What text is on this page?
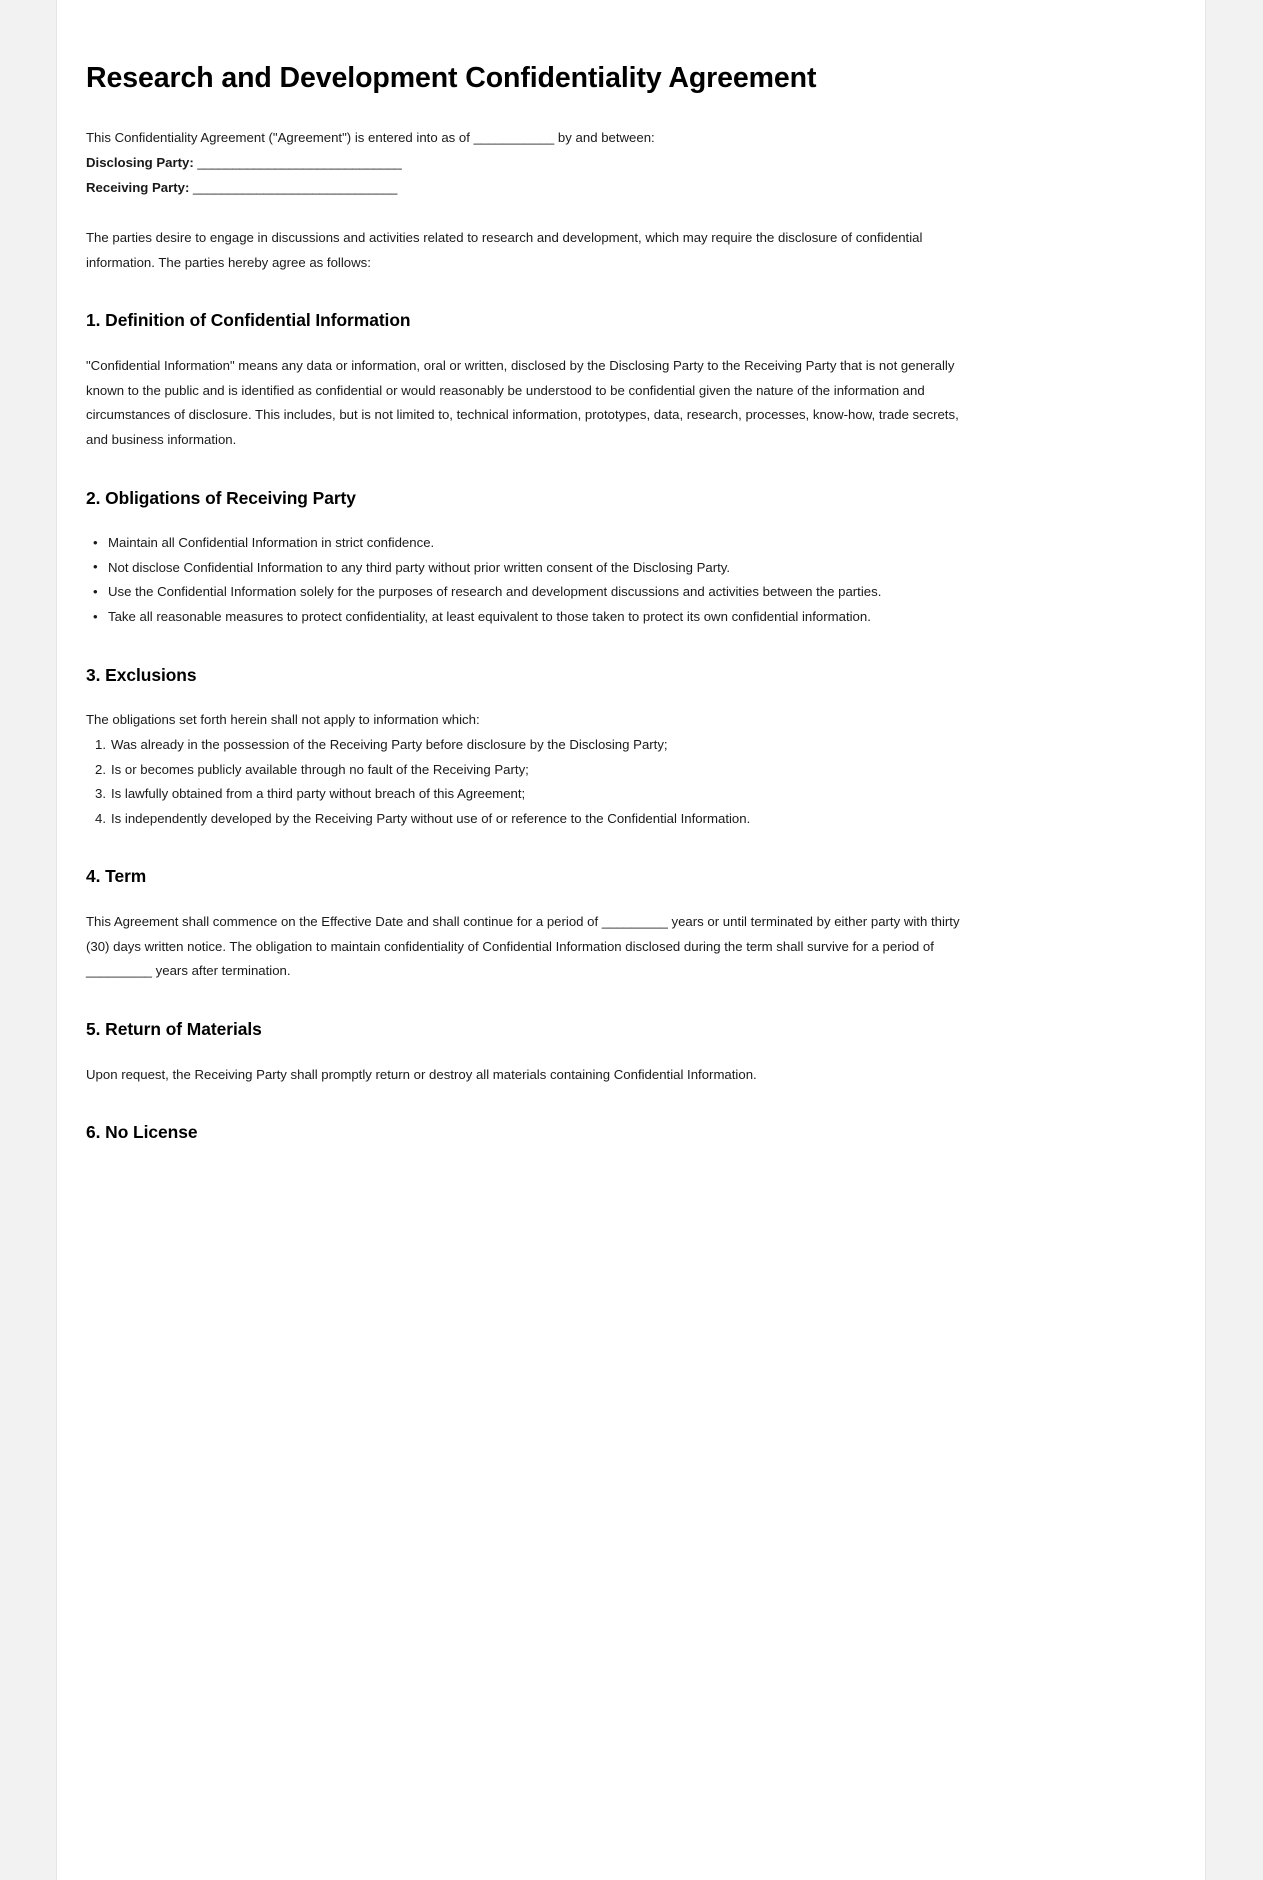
Research and Development Confidentiality Agreement

This Confidentiality Agreement ("Agreement") is entered into as of ___________ by and between:

Disclosing Party: _____________________________
Receiving Party: _____________________________

The parties desire to engage in discussions and activities related to research and development, which may require the disclosure of confidential information. The parties hereby agree as follows:

1. Definition of Confidential Information

"Confidential Information" means any data or information, oral or written, disclosed by the Disclosing Party to the Receiving Party that is not generally known to the public and is identified as confidential or would reasonably be understood to be confidential given the nature of the information and circumstances of disclosure. This includes, but is not limited to, technical information, prototypes, data, research, processes, know-how, trade secrets, and business information.

2. Obligations of Receiving Party
• Maintain all Confidential Information in strict confidence.
• Not disclose Confidential Information to any third party without prior written consent of the Disclosing Party.
• Use the Confidential Information solely for the purposes of research and development discussions and activities between the parties.
• Take all reasonable measures to protect confidentiality, at least equivalent to those taken to protect its own confidential information.
3. Exclusions

The obligations set forth herein shall not apply to information which:

1. Was already in the possession of the Receiving Party before disclosure by the Disclosing Party;
2. Is or becomes publicly available through no fault of the Receiving Party;
3. Is lawfully obtained from a third party without breach of this Agreement;
4. Is independently developed by the Receiving Party without use of or reference to the Confidential Information.
4. Term

This Agreement shall commence on the Effective Date and shall continue for a period of _________ years or until terminated by either party with thirty (30) days written notice. The obligation to maintain confidentiality of Confidential Information disclosed during the term shall survive for a period of _________ years after termination.

5. Return of Materials

Upon request, the Receiving Party shall promptly return or destroy all materials containing Confidential Information.

6. No License
